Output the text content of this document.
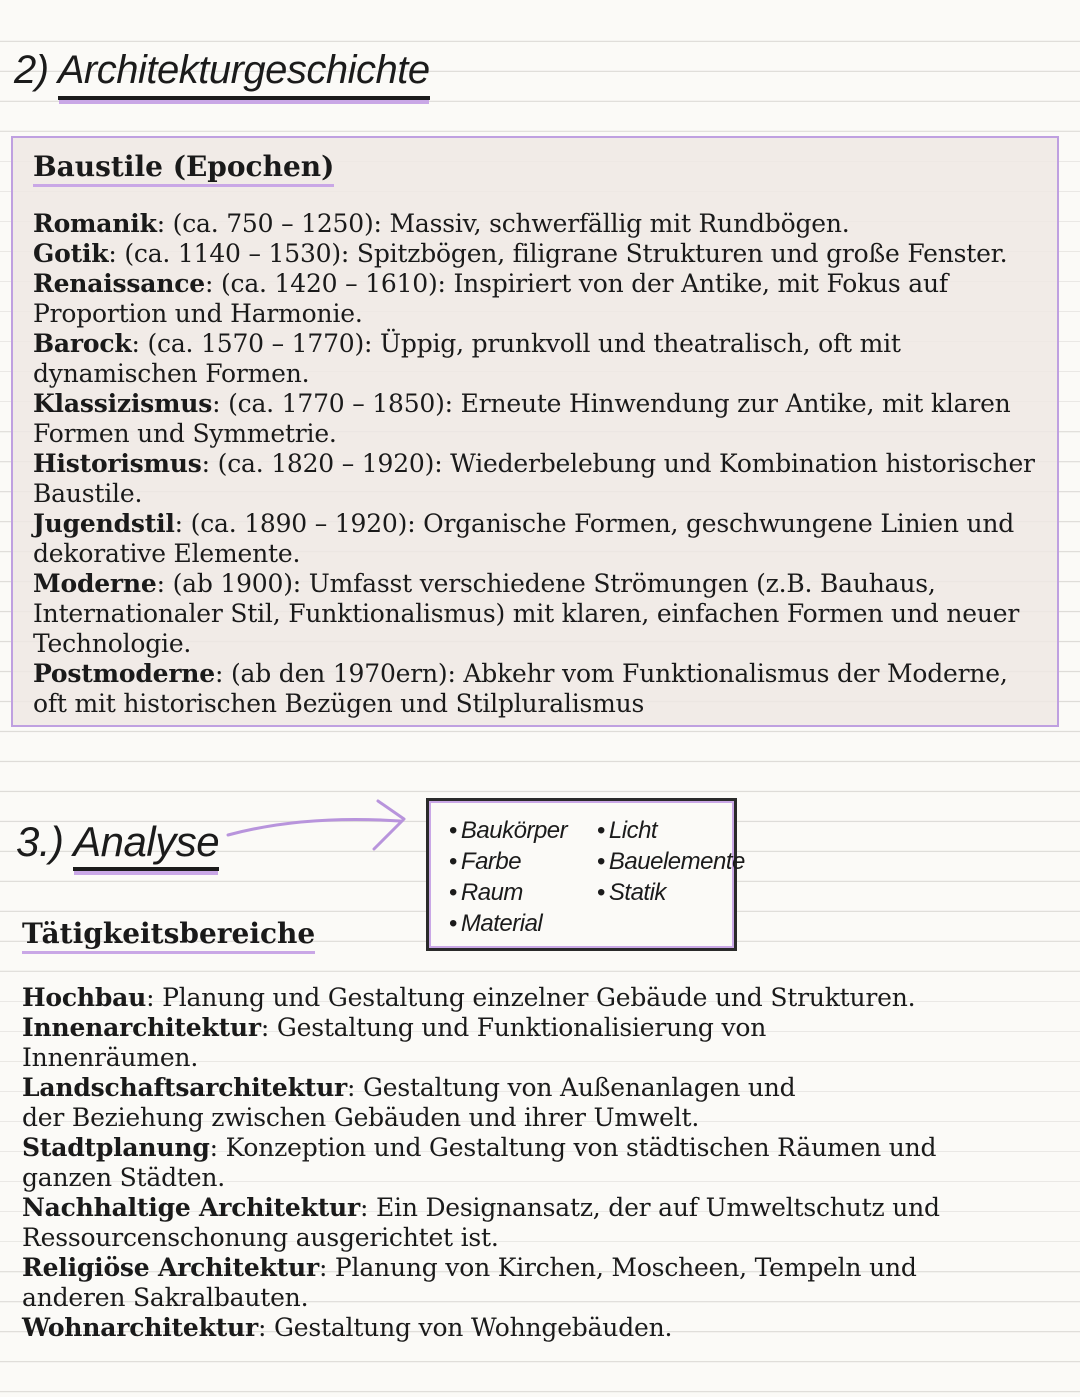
2) Architekturgeschichte
Baustile (Epochen)

Romanik: (ca. 750 – 1250): Massiv, schwerfällig mit Rundbögen.

Gotik: (ca. 1140 – 1530): Spitzbögen, filigrane Strukturen und große Fenster.

Renaissance: (ca. 1420 – 1610): Inspiriert von der Antike, mit Fokus auf Proportion und Harmonie.

Barock: (ca. 1570 – 1770): Üppig, prunkvoll und theatralisch, oft mit dynamischen Formen.

Klassizismus: (ca. 1770 – 1850): Erneute Hinwendung zur Antike, mit klaren Formen und Symmetrie.

Historismus: (ca. 1820 – 1920): Wiederbelebung und Kombination historischer Baustile.

Jugendstil: (ca. 1890 – 1920): Organische Formen, geschwungene Linien und dekorative Elemente.

Moderne: (ab 1900): Umfasst verschiedene Strömungen (z.B. Bauhaus, Internationaler Stil, Funktionalismus) mit klaren, einfachen Formen und neuer Technologie.

Postmoderne: (ab den 1970ern): Abkehr vom Funktionalismus der Moderne, oft mit historischen Bezügen und Stilpluralismus

3.) Analyse
•	Baukörper
• Farbe
• Raum
• Material
• Licht
• Bauelemente
• Statik
Tätigkeitsbereiche

Hochbau: Planung und Gestaltung einzelner Gebäude und Strukturen.

Innenarchitektur: Gestaltung und Funktionalisierung von Innenräumen.

Landschaftsarchitektur: Gestaltung von Außenanlagen und der Beziehung zwischen Gebäuden und ihrer Umwelt.

Stadtplanung: Konzeption und Gestaltung von städtischen Räumen und ganzen Städten.

Nachhaltige Architektur: Ein Designansatz, der auf Umweltschutz und Ressourcenschonung ausgerichtet ist.

Religiöse Architektur: Planung von Kirchen, Moscheen, Tempeln und anderen Sakralbauten.

Wohnarchitektur: Gestaltung von Wohngebäuden.
